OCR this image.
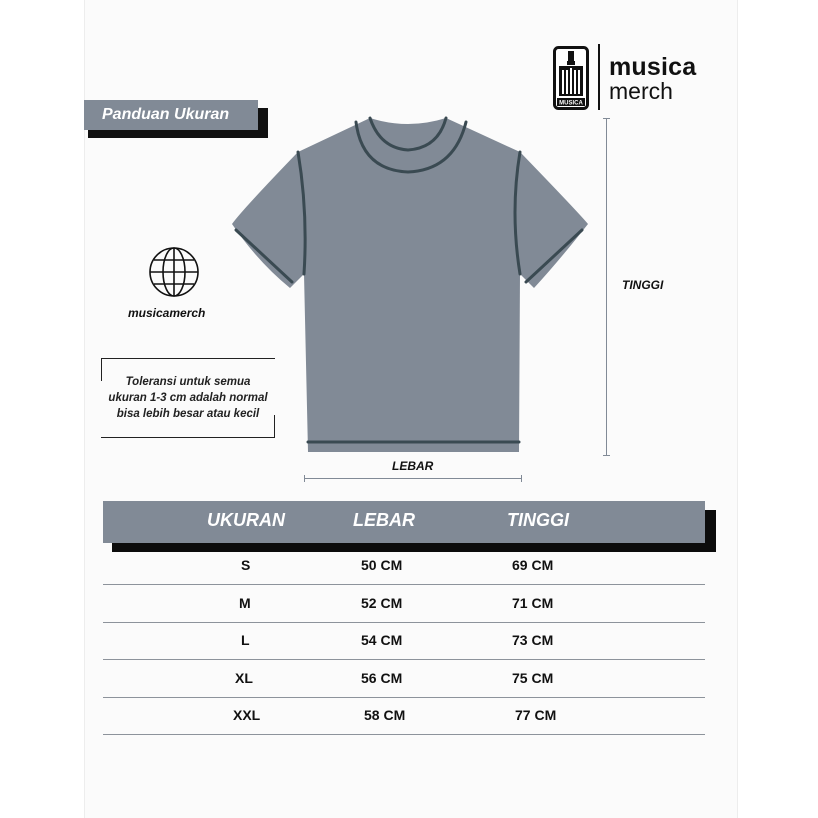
Panduan Ukuran
MUSICA
musica
merch
musicamerch
Toleransi untuk semua
ukuran 1-3 cm adalah normal
bisa lebih besar atau kecil
LEBAR
TINGGI
UKURAN	LEBAR	TINGGI
S	50 CM	69 CM
M	52 CM	71 CM
L	54 CM	73 CM
XL	56 CM	75 CM
XXL	58 CM	77 CM
